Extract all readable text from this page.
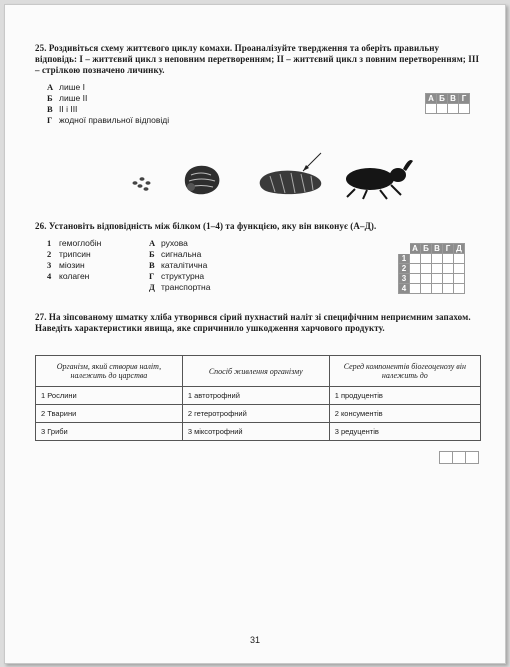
25. Роздивіться схему життєвого циклу комахи. Проаналізуйте твердження та оберіть правильну відповідь: I – життєвий цикл з неповним перетворенням; II – життєвий цикл з повним перетворенням; III – стрілкою позначено личинку.
А лише I
Б лише II
В II і III
Г жодної правильної відповіді
А	Б	В	Г

26. Установіть відповідність між білком (1–4) та функцією, яку він виконує (А–Д).
1 гемоглобін
2 трипсин
3 міозин
4 колаген
А рухова
Б сигнальна
В каталітична
Г структурна
Д транспортна
	А	Б	В	Г	Д
1					
2					
3					
4					
27. На зіпсованому шматку хліба утворився сірий пухнастий наліт зі специфічним неприємним запахом. Наведіть характеристики явища, яке спричинило ушкодження харчового продукту.
Організм, який створив наліт, належить до царства	Спосіб живлення організму	Серед компонентів біогеоценозу він належить до
1 Рослини	1 автотрофний	1 продуцентів
2 Тварини	2 гетеротрофний	2 консументів
3 Гриби	3 міксотрофний	3 редуцентів

31
